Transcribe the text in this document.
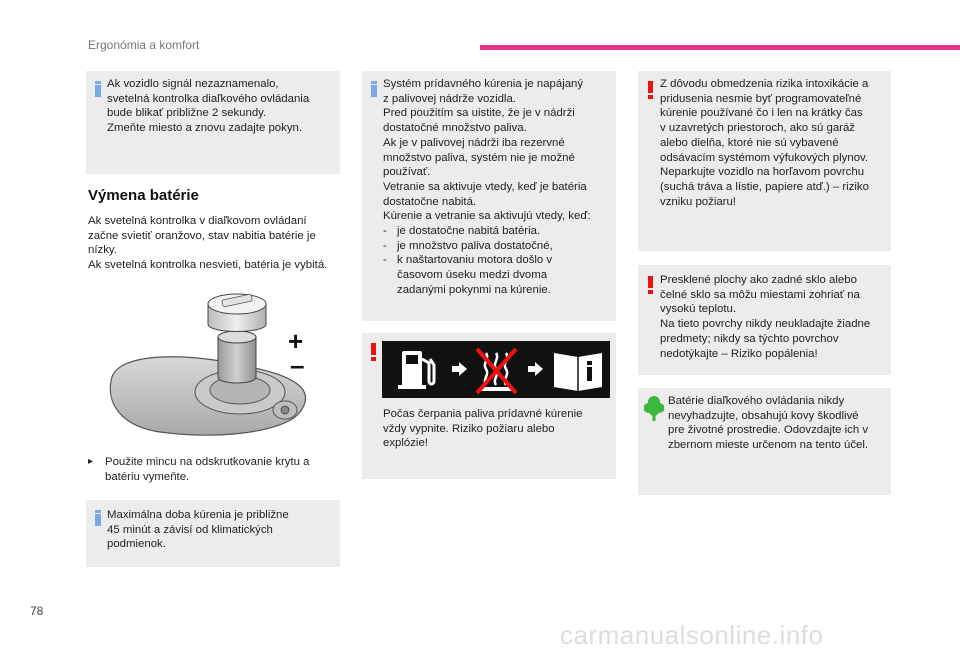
Ergonómia a komfort

Ak vozidlo signál nezaznamenalo,

svetelná kontrolka diaľkového ovládania

bude blikať približne 2 sekundy.

Zmeňte miesto a znovu zadajte pokyn.

Výmena batérie

Ak svetelná kontrolka v diaľkovom ovládaní

začne svietiť oranžovo, stav nabitia batérie je

nízky.

Ak svetelná kontrolka nesvieti, batéria je vybitá.

+
–

▸ Použite mincu na odskrutkovanie krytu a

batériu vymeňte.

Maximálna doba kúrenia je približne

45 minút a závisí od klimatických

podmienok.

Systém prídavného kúrenia je napájaný

z palivovej nádrže vozidla.

Pred použitím sa uistite, že je v nádrži

dostatočné množstvo paliva.

Ak je v palivovej nádrži iba rezervné

množstvo paliva, systém nie je možné

používať.

Vetranie sa aktivuje vtedy, keď je batéria

dostatočne nabitá.

Kúrenie a vetranie sa aktivujú vtedy, keď:

- je dostatočne nabitá batéria.
- je množstvo paliva dostatočné,
- k naštartovaniu motora došlo v
časovom úseku medzi dvoma
zadanými pokynmi na kúrenie.

Počas čerpania paliva prídavné kúrenie

vždy vypnite. Riziko požiaru alebo

explózie!

Z dôvodu obmedzenia rizika intoxikácie a

pridusenia nesmie byť programovateľné

kúrenie používané čo i len na krátky čas

v uzavretých priestoroch, ako sú garáž

alebo dielňa, ktoré nie sú vybavené

odsávacím systémom výfukových plynov.

Neparkujte vozidlo na horľavom povrchu

(suchá tráva a lístie, papiere atď.) – riziko

vzniku požiaru!

Presklené plochy ako zadné sklo alebo

čelné sklo sa môžu miestami zohriať na

vysokú teplotu.

Na tieto povrchy nikdy neukladajte žiadne

predmety; nikdy sa týchto povrchov

nedotýkajte – Riziko popálenia!

Batérie diaľkového ovládania nikdy

nevyhadzujte, obsahujú kovy škodlivé

pre životné prostredie. Odovzdajte ich v

zbernom mieste určenom na tento účel.

78
carmanualsonline.info
